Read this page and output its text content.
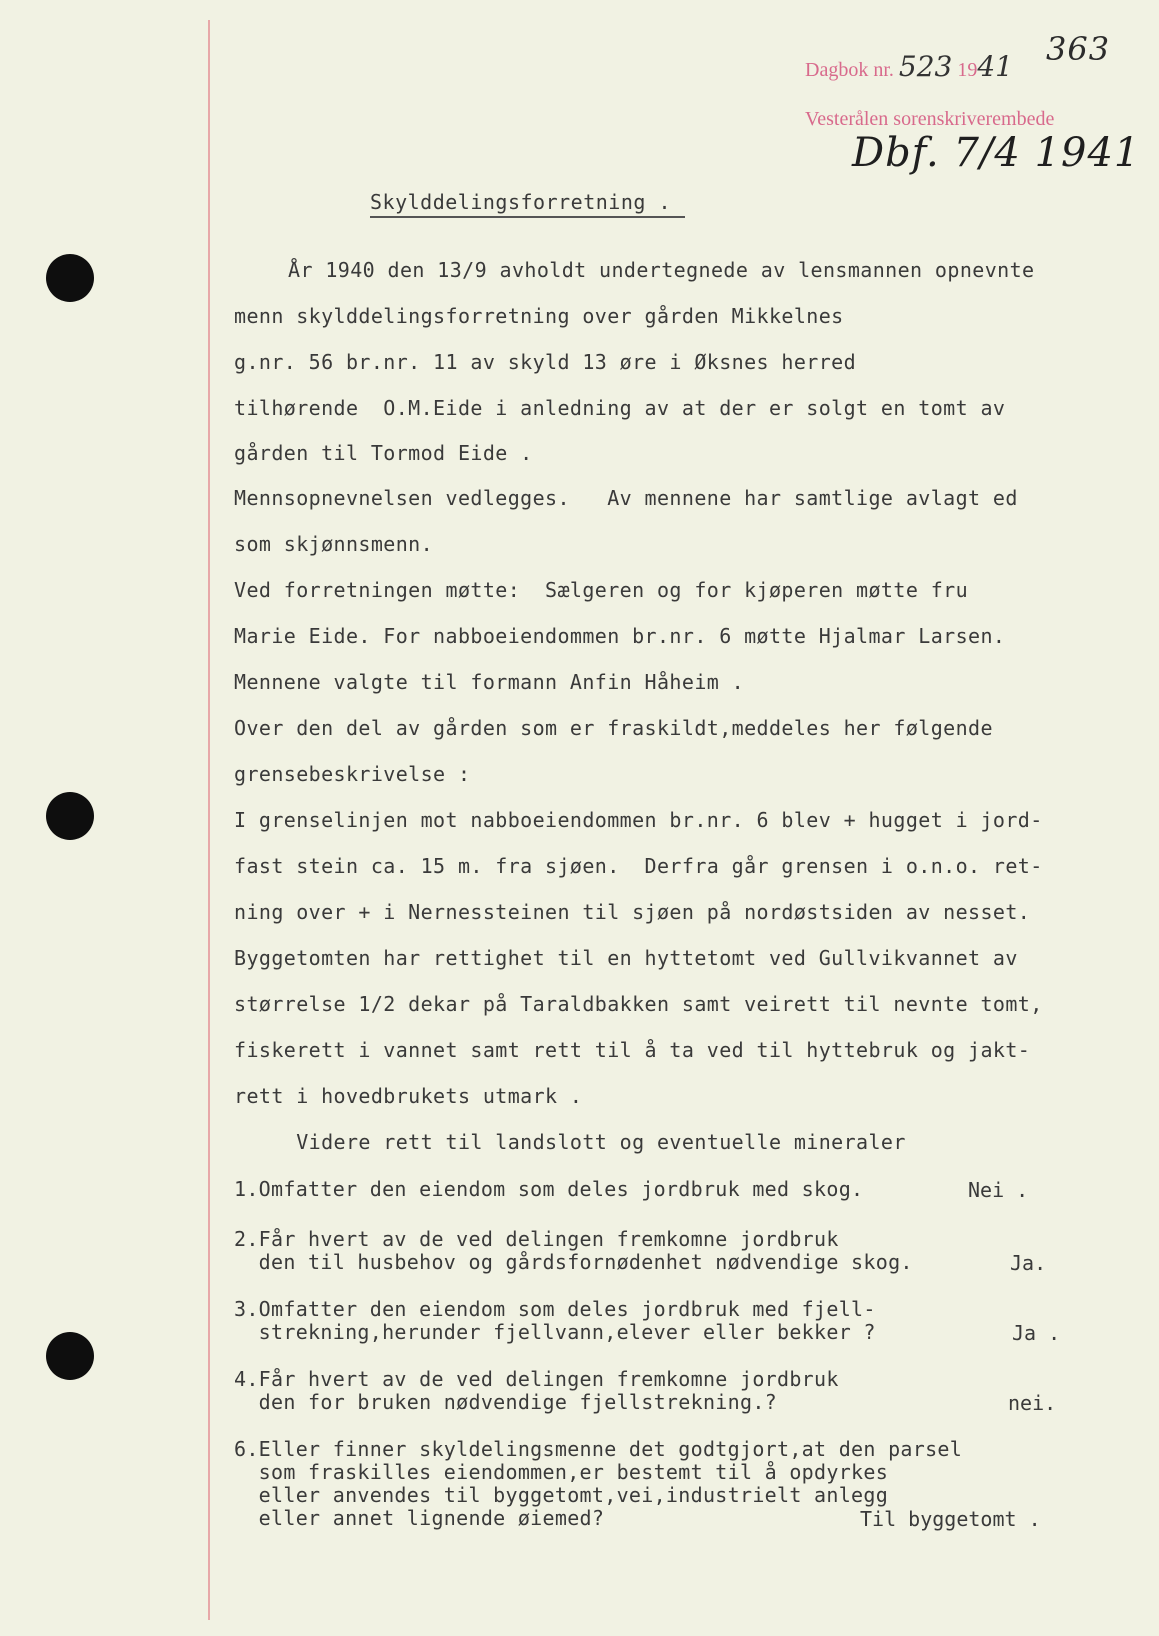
363
Dagbok nr. 523 1941
Vesterålen sorenskriverembede
Dbf. 7/4 1941
Skylddelingsforretning .
År 1940 den 13/9 avholdt undertegnede av lensmannen opnevnte
menn skylddelingsforretning over gården Mikkelnes
g.nr. 56 br.nr. 11 av skyld 13 øre i Øksnes herred
tilhørende  O.M.Eide i anledning av at der er solgt en tomt av
gården til Tormod Eide .
Mennsopnevnelsen vedlegges.   Av mennene har samtlige avlagt ed
som skjønnsmenn.
Ved forretningen møtte:  Sælgeren og for kjøperen møtte fru
Marie Eide. For nabboeiendommen br.nr. 6 møtte Hjalmar Larsen.
Mennene valgte til formann Anfin Håheim .
Over den del av gården som er fraskildt,meddeles her følgende
grensebeskrivelse :
I grenselinjen mot nabboeiendommen br.nr. 6 blev + hugget i jord-
fast stein ca. 15 m. fra sjøen.  Derfra går grensen i o.n.o. ret-
ning over + i Nernessteinen til sjøen på nordøstsiden av nesset.
Byggetomten har rettighet til en hyttetomt ved Gullvikvannet av
størrelse 1/2 dekar på Taraldbakken samt veirett til nevnte tomt,
fiskerett i vannet samt rett til å ta ved til hyttebruk og jakt-
rett i hovedbrukets utmark .
Videre rett til landslott og eventuelle mineraler
1.Omfatter den eiendom som deles jordbruk med skog.	Nei .
2.Får hvert av de ved delingen fremkomne jordbruk
den til husbehov og gårdsfornødenhet nødvendige skog.	Ja.
3.Omfatter den eiendom som deles jordbruk med fjell-
strekning,herunder fjellvann,elever eller bekker ?	Ja .
4.Får hvert av de ved delingen fremkomne jordbruk
den for bruken nødvendige fjellstrekning.?	nei.
6.Eller finner skyldelingsmenne det godtgjort,at den parsel
som fraskilles eiendommen,er bestemt til å opdyrkes
eller anvendes til byggetomt,vei,industrielt anlegg
eller annet lignende øiemed?	Til byggetomt .
